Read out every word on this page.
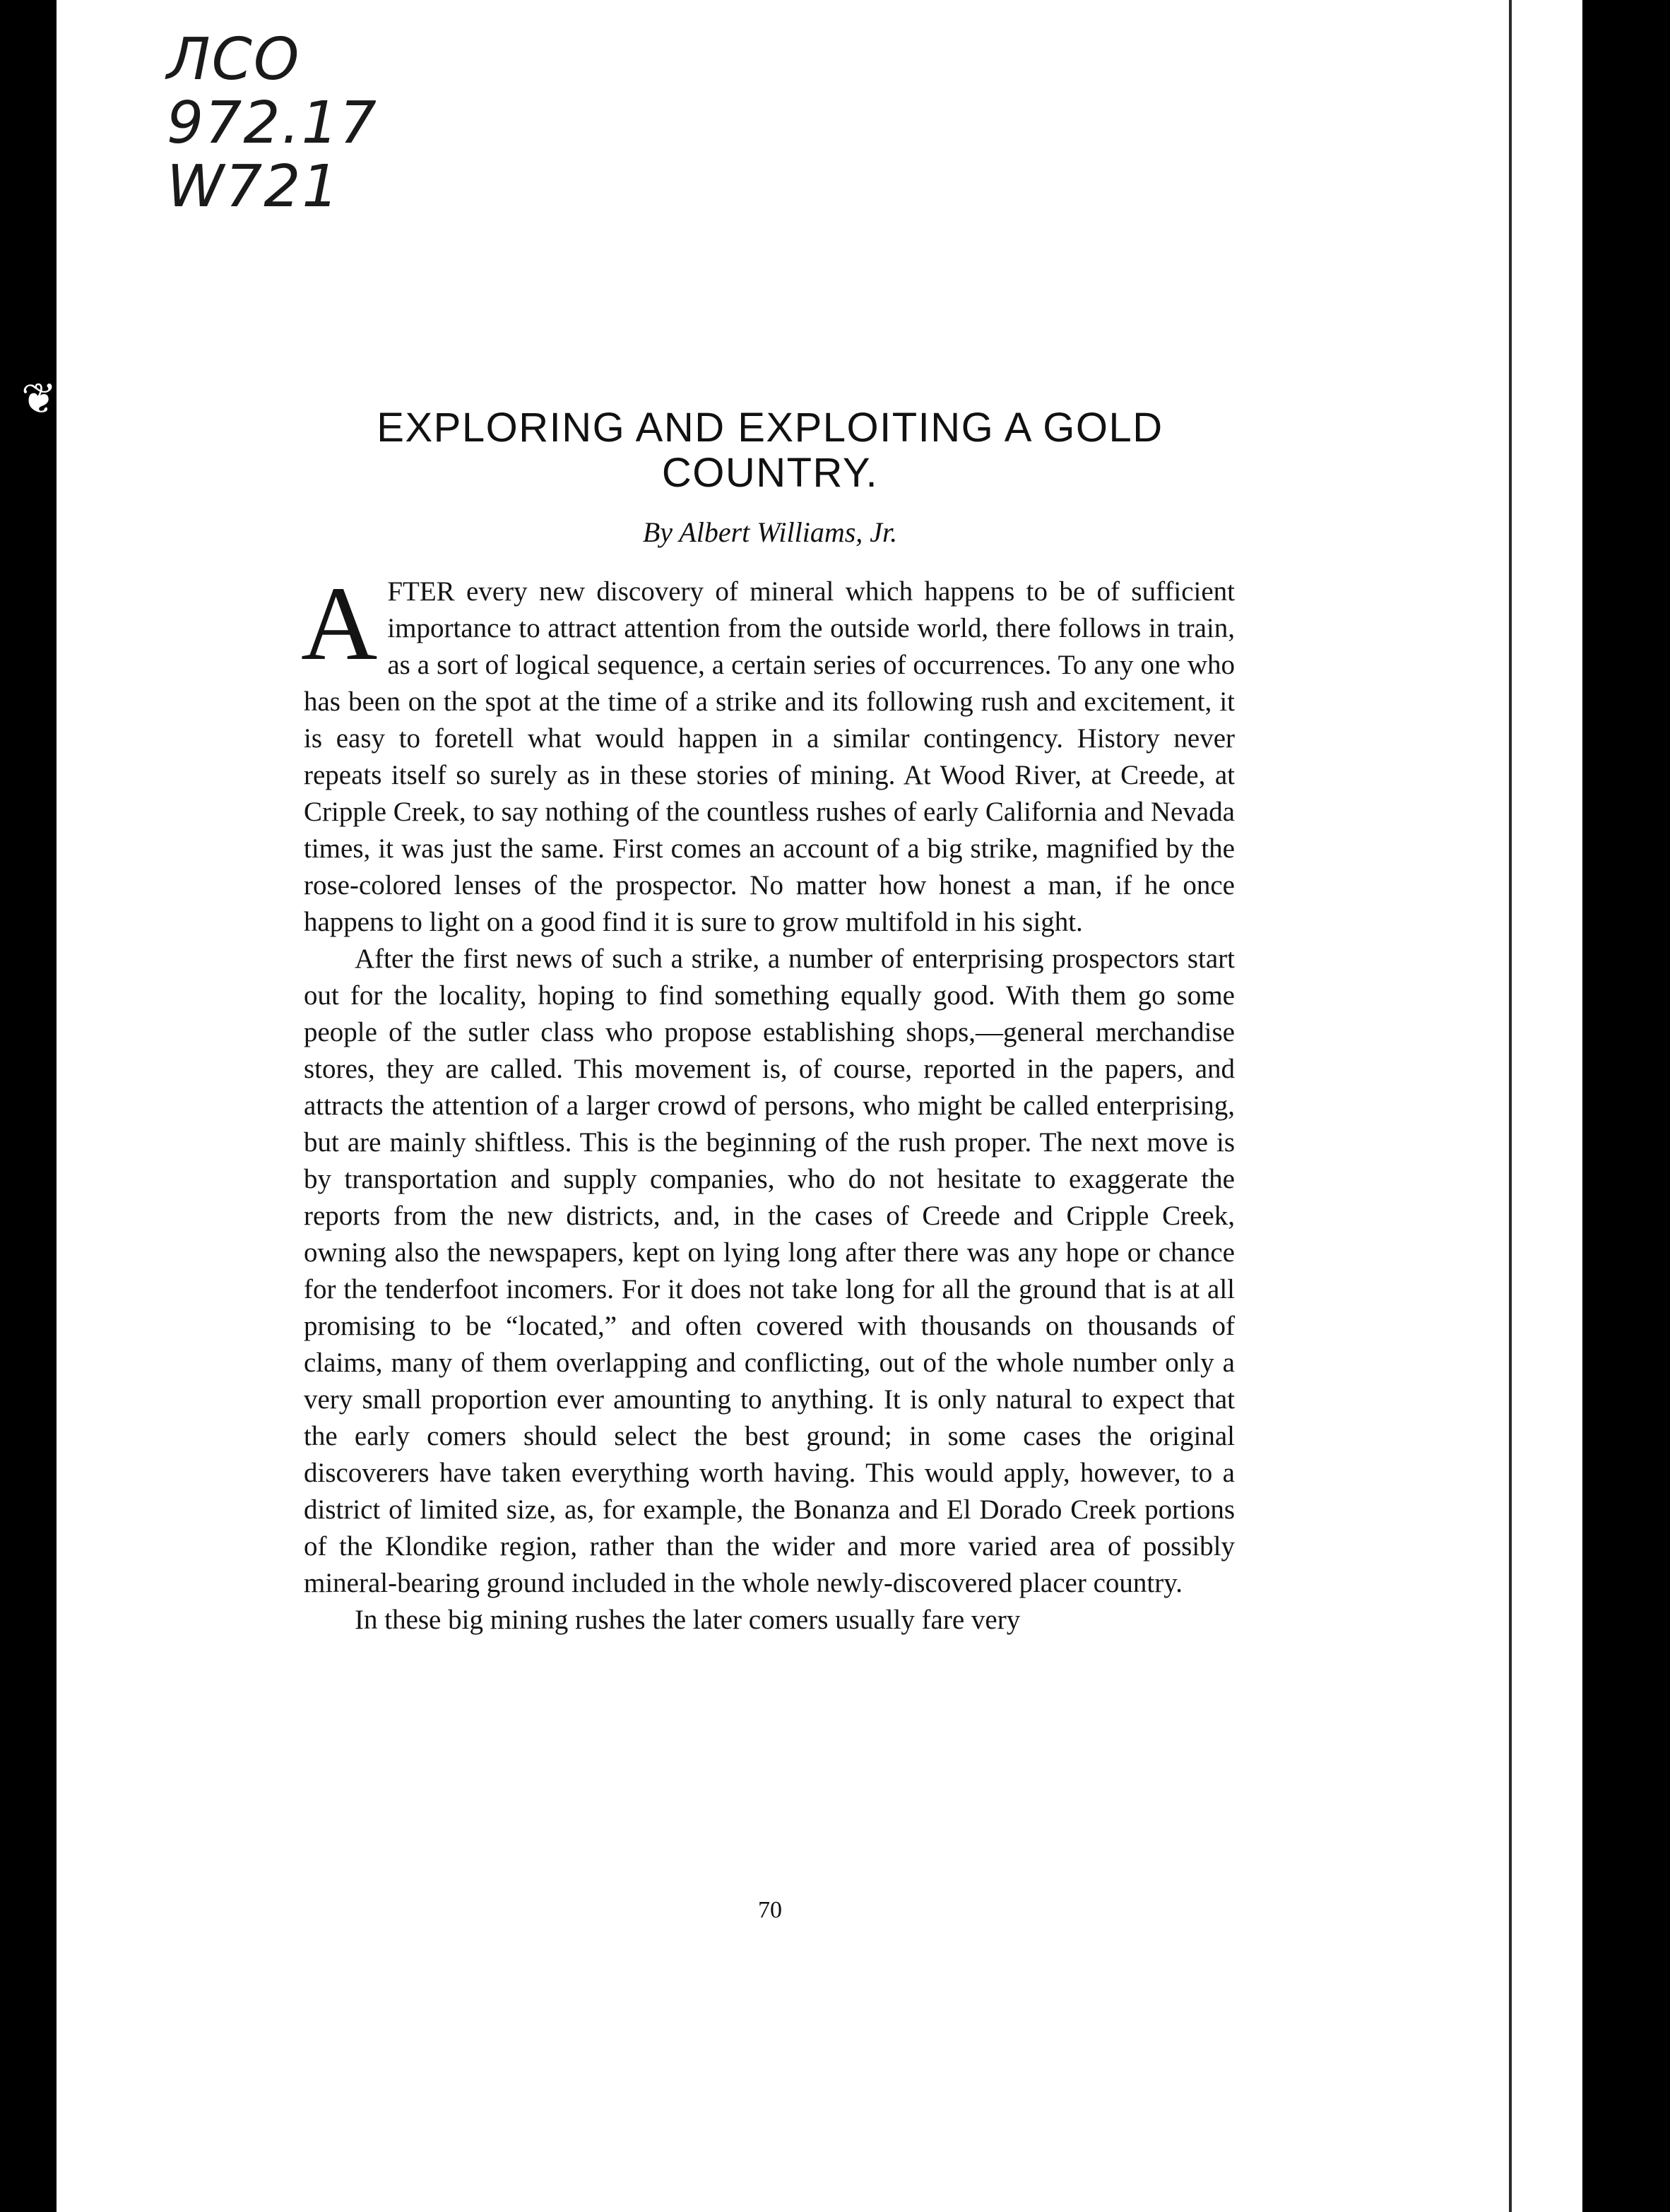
❦
ЛСО
972.17
W721
EXPLORING AND EXPLOITING A GOLD COUNTRY.
By Albert Williams, Jr.

AFTER every new discovery of mineral which happens to be of sufficient importance to attract attention from the outside world, there follows in train, as a sort of logical sequence, a certain series of occurrences. To any one who has been on the spot at the time of a strike and its following rush and excitement, it is easy to foretell what would happen in a similar contingency. History never repeats itself so surely as in these stories of mining. At Wood River, at Creede, at Cripple Creek, to say nothing of the countless rushes of early California and Nevada times, it was just the same. First comes an account of a big strike, magnified by the rose-colored lenses of the prospector. No matter how honest a man, if he once happens to light on a good find it is sure to grow multifold in his sight.

After the first news of such a strike, a number of enterprising prospectors start out for the locality, hoping to find something equally good. With them go some people of the sutler class who propose establishing shops,—general merchandise stores, they are called. This movement is, of course, reported in the papers, and attracts the attention of a larger crowd of persons, who might be called enterprising, but are mainly shiftless. This is the beginning of the rush proper. The next move is by transportation and supply companies, who do not hesitate to exaggerate the reports from the new districts, and, in the cases of Creede and Cripple Creek, owning also the newspapers, kept on lying long after there was any hope or chance for the tenderfoot incomers. For it does not take long for all the ground that is at all promising to be “located,” and often covered with thousands on thousands of claims, many of them overlapping and conflicting, out of the whole number only a very small proportion ever amounting to anything. It is only natural to expect that the early comers should select the best ground; in some cases the original discoverers have taken everything worth having. This would apply, however, to a district of limited size, as, for example, the Bonanza and El Dorado Creek portions of the Klondike region, rather than the wider and more varied area of possibly mineral-bearing ground included in the whole newly-discovered placer country.

In these big mining rushes the later comers usually fare very

70
